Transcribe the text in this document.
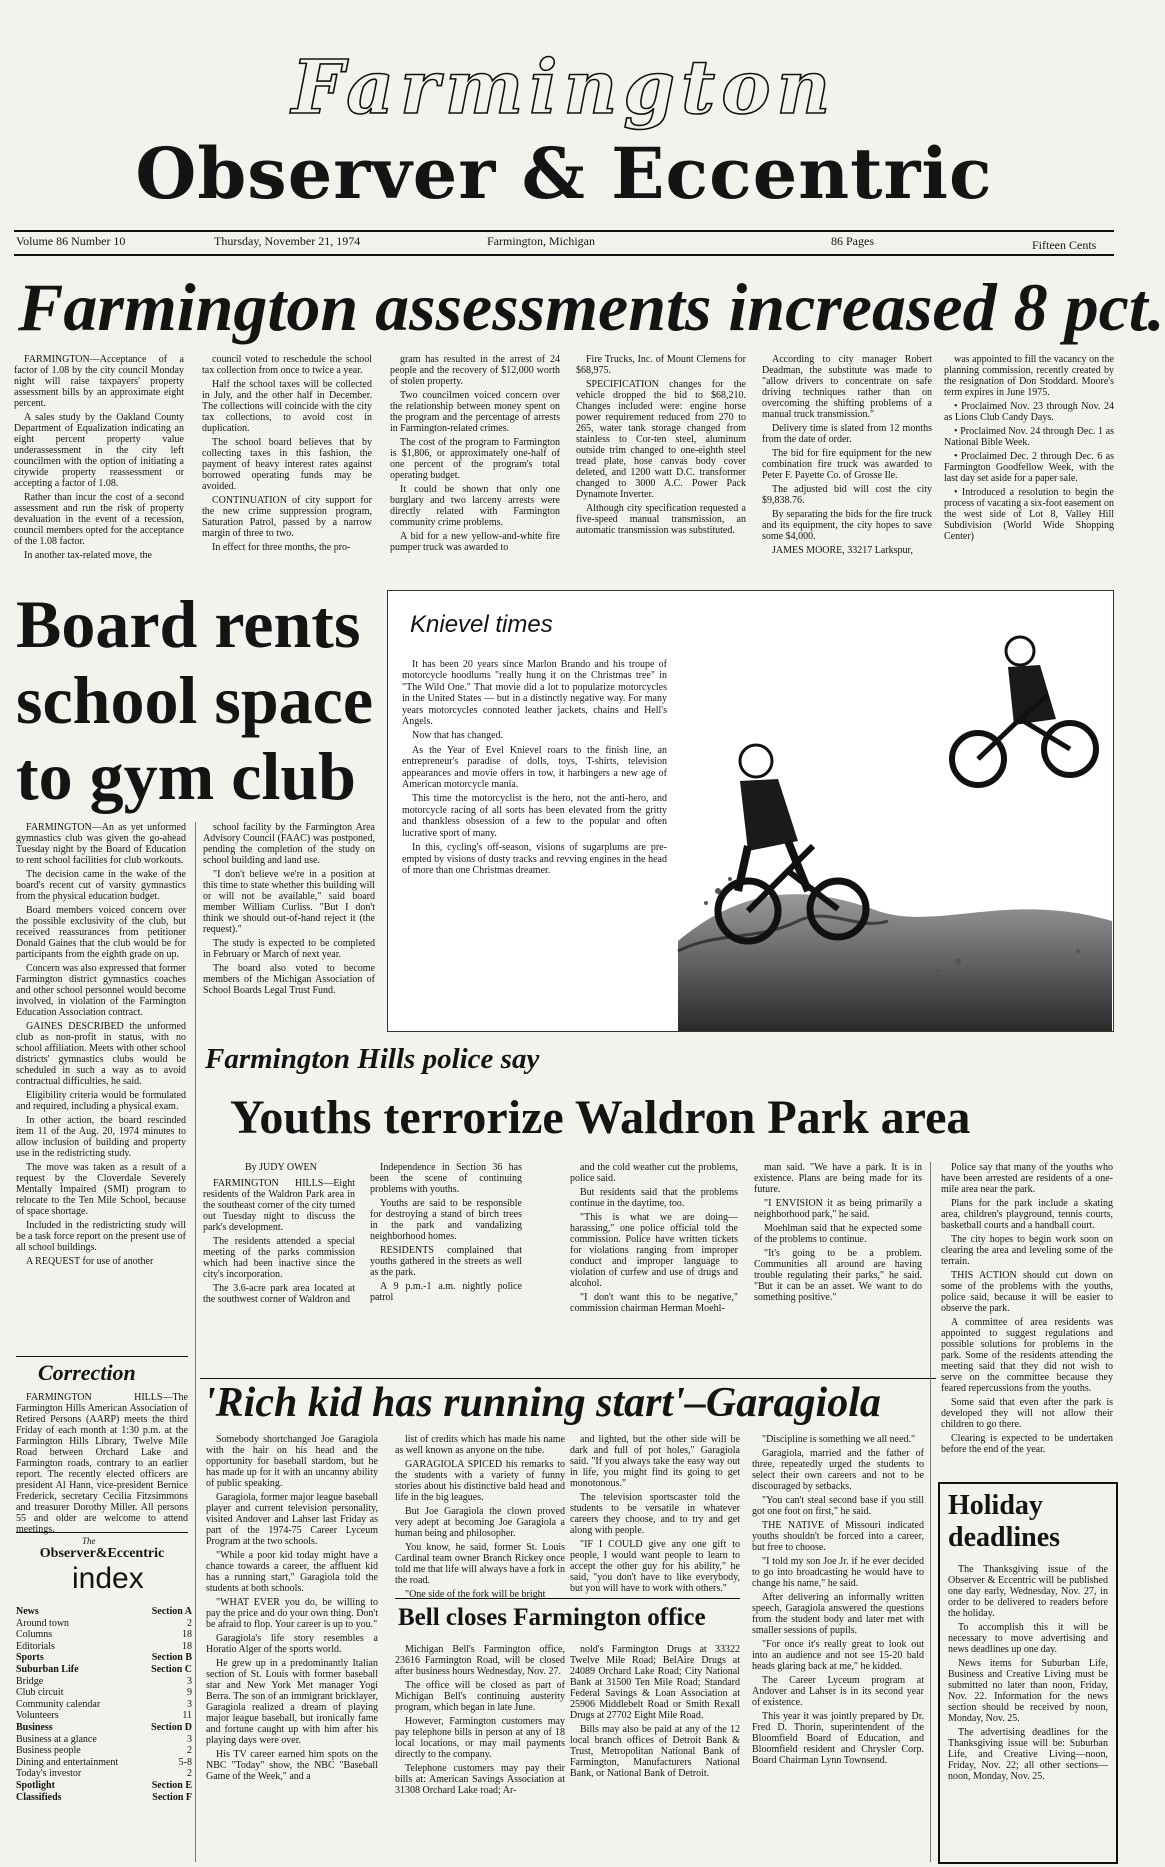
Farmington
Observer & Eccentric
Volume 86 Number 10	Thursday, November 21, 1974	Farmington, Michigan	86 Pages	Fifteen Cents
Farmington assessments increased 8 pct.

FARMINGTON—Acceptance of a factor of 1.08 by the city council Monday night will raise taxpayers' property assessment bills by an approximate eight percent.

A sales study by the Oakland County Department of Equalization indicating an eight percent property value underassessment in the city left councilmen with the option of initiating a citywide property reassessment or accepting a factor of 1.08.

Rather than incur the cost of a second assessment and run the risk of property devaluation in the event of a recession, council members opted for the acceptance of the 1.08 factor.

In another tax-related move, the

council voted to reschedule the school tax collection from once to twice a year.

Half the school taxes will be collected in July, and the other half in December. The collections will coincide with the city tax collections, to avoid cost in duplication.

The school board believes that by collecting taxes in this fashion, the payment of heavy interest rates against borrowed operating funds may be avoided.

CONTINUATION of city support for the new crime suppression program, Saturation Patrol, passed by a narrow margin of three to two.

In effect for three months, the pro-

gram has resulted in the arrest of 24 people and the recovery of $12,000 worth of stolen property.

Two councilmen voiced concern over the relationship between money spent on the program and the percentage of arrests in Farmington-related crimes.

The cost of the program to Farmington is $1,806, or approximately one-half of one percent of the program's total operating budget.

It could be shown that only one burglary and two larceny arrests were directly related with Farmington community crime problems.

A bid for a new yellow-and-white fire pumper truck was awarded to

Fire Trucks, Inc. of Mount Clemens for $68,975.

SPECIFICATION changes for the vehicle dropped the bid to $68,210. Changes included were: engine horse power requirement reduced from 270 to 265, water tank storage changed from stainless to Cor-ten steel, aluminum outside trim changed to one-eighth steel tread plate, hose canvas body cover deleted, and 1200 watt D.C. transformer changed to 3000 A.C. Power Pack Dynamote Inverter.

Although city specification requested a five-speed manual transmission, an automatic transmission was substituted.

According to city manager Robert Deadman, the substitute was made to "allow drivers to concentrate on safe driving techniques rather than on overcoming the shifting problems of a manual truck transmission."

Delivery time is slated from 12 months from the date of order.

The bid for fire equipment for the new combination fire truck was awarded to Peter F. Payette Co. of Grosse Ile.

The adjusted bid will cost the city $9,838.76.

By separating the bids for the fire truck and its equipment, the city hopes to save some $4,000.

JAMES MOORE, 33217 Larkspur,

was appointed to fill the vacancy on the planning commission, recently created by the resignation of Don Stoddard. Moore's term expires in June 1975.

• Proclaimed Nov. 23 through Nov. 24 as Lions Club Candy Days.

• Proclaimed Nov. 24 through Dec. 1 as National Bible Week.

• Proclaimed Dec. 2 through Dec. 6 as Farmington Goodfellow Week, with the last day set aside for a paper sale.

• Introduced a resolution to begin the process of vacating a six-foot easement on the west side of Lot 8, Valley Hill Subdivision (World Wide Shopping Center)

Board rents
school space
to gym club

FARMINGTON—An as yet unformed gymnastics club was given the go-ahead Tuesday night by the Board of Education to rent school facilities for club workouts.

The decision came in the wake of the board's recent cut of varsity gymnastics from the physical education budget.

Board members voiced concern over the possible exclusivity of the club, but received reassurances from petitioner Donald Gaines that the club would be for participants from the eighth grade on up.

Concern was also expressed that former Farmington district gymnastics coaches and other school personnel would become involved, in violation of the Farmington Education Association contract.

GAINES DESCRIBED the unformed club as non-profit in status, with no school affiliation. Meets with other school districts' gymnastics clubs would be scheduled in such a way as to avoid contractual difficulties, he said.

Eligibility criteria would be formulated and required, including a physical exam.

In other action, the board rescinded item 11 of the Aug. 20, 1974 minutes to allow inclusion of building and property use in the redistricting study.

The move was taken as a result of a request by the Cloverdale Severely Mentally Impaired (SMI) program to relocate to the Ten Mile School, because of space shortage.

Included in the redistricting study will be a task force report on the present use of all school buildings.

A REQUEST for use of another

school facility by the Farmington Area Advisory Council (FAAC) was postponed, pending the completion of the study on school building and land use.

"I don't believe we're in a position at this time to state whether this building will or will not be available," said board member William Curliss. "But I don't think we should out-of-hand reject it (the request)."

The study is expected to be completed in February or March of next year.

The board also voted to become members of the Michigan Association of School Boards Legal Trust Fund.

Knievel times

It has been 20 years since Marlon Brando and his troupe of motorcycle hoodlums "really hung it on the Christmas tree" in "The Wild One." That movie did a lot to popularize motorcycles in the United States — but in a distinctly negative way. For many years motorcycles connoted leather jackets, chains and Hell's Angels.

Now that has changed.

As the Year of Evel Knievel roars to the finish line, an entrepreneur's paradise of dolls, toys, T-shirts, television appearances and movie offers in tow, it harbingers a new age of American motorcycle mania.

This time the motorcyclist is the hero, not the anti-hero, and motorcycle racing of all sorts has been elevated from the gritty and thankless obsession of a few to the popular and often lucrative sport of many.

In this, cycling's off-season, visions of sugarplums are pre-empted by visions of dusty tracks and revving engines in the head of more than one Christmas dreamer.

Farmington Hills police say
Youths terrorize Waldron Park area
By JUDY OWEN

FARMINGTON HILLS—Eight residents of the Waldron Park area in the southeast corner of the city turned out Tuesday night to discuss the park's development.

The residents attended a special meeting of the parks commission which had been inactive since the city's incorporation.

The 3.6-acre park area located at the southwest corner of Waldron and

Independence in Section 36 has been the scene of continuing problems with youths.

Youths are said to be responsible for destroying a stand of birch trees in the park and vandalizing neighborhood homes.

RESIDENTS complained that youths gathered in the streets as well as the park.

A 9 p.m.-1 a.m. nightly police patrol

and the cold weather cut the problems, police said.

But residents said that the problems continue in the daytime, too.

"This is what we are doing—harassing," one police official told the commission. Police have written tickets for violations ranging from improper conduct and improper language to violation of curfew and use of drugs and alcohol.

"I don't want this to be negative," commission chairman Herman Moehl-

man said. "We have a park. It is in existence. Plans are being made for its future.

"I ENVISION it as being primarily a neighborhood park," he said.

Moehlman said that he expected some of the problems to continue.

"It's going to be a problem. Communities all around are having trouble regulating their parks," he said. "But it can be an asset. We want to do something positive."

Police say that many of the youths who have been arrested are residents of a one-mile area near the park.

Plans for the park include a skating area, children's playground, tennis courts, basketball courts and a handball court.

The city hopes to begin work soon on clearing the area and leveling some of the terrain.

THIS ACTION should cut down on some of the problems with the youths, police said, because it will be easier to observe the park.

A committee of area residents was appointed to suggest regulations and possible solutions for problems in the park. Some of the residents attending the meeting said that they did not wish to serve on the committee because they feared repercussions from the youths.

Some said that even after the park is developed they will not allow their children to go there.

Clearing is expected to be undertaken before the end of the year.

Correction

FARMINGTON HILLS—The Farmington Hills American Association of Retired Persons (AARP) meets the third Friday of each month at 1:30 p.m. at the Farmington Hills Library, Twelve Mile Road between Orchard Lake and Farmington roads, contrary to an earlier report. The recently elected officers are president Al Hann, vice-president Bernice Frederick, secretary Cecilia Fitzsimmons and treasurer Dorothy Miller. All persons 55 and older are welcome to attend meetings.

The
Observer&Eccentric
index
News	Section A
Around town	2
Columns	18
Editorials	18
Sports	Section B
Suburban Life	Section C
Bridge	3
Club circuit	9
Community calendar	3
Volunteers	11
Business	Section D
Business at a glance	3
Business people	2
Dining and entertainment	5-8
Today's investor	2
Spotlight	Section E
Classifieds	Section F
'Rich kid has running start'–Garagiola

Somebody shortchanged Joe Garagiola with the hair on his head and the opportunity for baseball stardom, but he has made up for it with an uncanny ability of public speaking.

Garagiola, former major league baseball player and current television personality, visited Andover and Lahser last Friday as part of the 1974-75 Career Lyceum Program at the two schools.

"While a poor kid today might have a chance towards a career, the affluent kid has a running start," Garagiola told the students at both schools.

"WHAT EVER you do, be willing to pay the price and do your own thing. Don't be afraid to flop. Your career is up to you."

Garagiola's life story resembles a Horatio Alger of the sports world.

He grew up in a predominantly Italian section of St. Louis with former baseball star and New York Met manager Yogi Berra. The son of an immigrant bricklayer, Garagiola realized a dream of playing major league baseball, but ironically fame and fortune caught up with him after his playing days were over.

His TV career earned him spots on the NBC "Today" show, the NBC "Baseball Game of the Week," and a

list of credits which has made his name as well known as anyone on the tube.

GARAGIOLA SPICED his remarks to the students with a variety of funny stories about his distinctive bald head and life in the big leagues.

But Joe Garagiola the clown proved very adept at becoming Joe Garagiola a human being and philosopher.

You know, he said, former St. Louis Cardinal team owner Branch Rickey once told me that life will always have a fork in the road.

"One side of the fork will be bright

and lighted, but the other side will be dark and full of pot holes," Garagiola said. "If you always take the easy way out in life, you might find its going to get monotonous."

The television sportscaster told the students to be versatile in whatever careers they choose, and to try and get along with people.

"IF I COULD give any one gift to people, I would want people to learn to accept the other guy for his ability," he said, "you don't have to like everybody, but you will have to work with others."

"Discipline is something we all need."

Garagiola, married and the father of three, repeatedly urged the students to select their own careers and not to be discouraged by setbacks.

"You can't steal second base if you still got one foot on first," he said.

THE NATIVE of Missouri indicated youths shouldn't be forced into a career, but free to choose.

"I told my son Joe Jr. if he ever decided to go into broadcasting he would have to change his name," he said.

After delivering an informally written speech, Garagiola answered the questions from the student body and later met with smaller sessions of pupils.

"For once it's really great to look out into an audience and not see 15-20 bald heads glaring back at me," he kidded.

The Career Lyceum program at Andover and Lahser is in its second year of existence.

This year it was jointly prepared by Dr. Fred D. Thorin, superintendent of the Bloomfield Board of Education, and Bloomfield resident and Chrysler Corp. Board Chairman Lynn Townsend.

Bell closes Farmington office

Michigan Bell's Farmington office, 23616 Farmington Road, will be closed after business hours Wednesday, Nov. 27.

The office will be closed as part of Michigan Bell's continuing austerity program, which began in late June.

However, Farmington customers may pay telephone bills in person at any of 18 local locations, or may mail payments directly to the company.

Telephone customers may pay their bills at: American Savings Association at 31308 Orchard Lake road; Ar-

nold's Farmington Drugs at 33322 Twelve Mile Road; BelAire Drugs at 24089 Orchard Lake Road; City National Bank at 31500 Ten Mile Road; Standard Federal Savings & Loan Association at 25906 Middlebelt Road or Smith Rexall Drugs at 27702 Eight Mile Road.

Bills may also be paid at any of the 12 local branch offices of Detroit Bank & Trust, Metropolitan National Bank of Farmington, Manufacturers National Bank, or National Bank of Detroit.

Holiday
deadlines

The Thanksgiving issue of the Observer & Eccentric will be published one day early, Wednesday, Nov. 27, in order to be delivered to readers before the holiday.

To accomplish this it will be necessary to move advertising and news deadlines up one day.

News items for Suburban Life, Business and Creative Living must be submitted no later than noon, Friday, Nov. 22. Information for the news section should be received by noon, Monday, Nov. 25.

The advertising deadlines for the Thanksgiving issue will be: Suburban Life, and Creative Living—noon, Friday, Nov. 22; all other sections—noon, Monday, Nov. 25.
